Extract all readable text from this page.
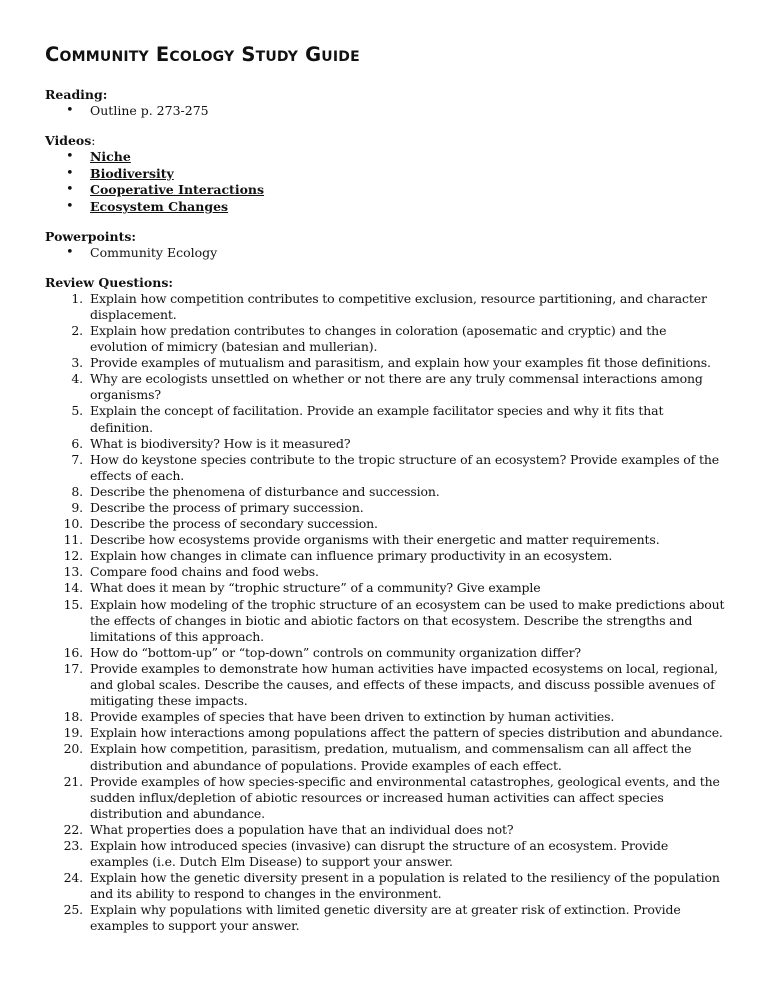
Community Ecology Study Guide

Reading:

• Outline p. 273-275

Videos:

• Niche
• Biodiversity
• Cooperative Interactions
• Ecosystem Changes

Powerpoints:

• Community Ecology

Review Questions:

1. Explain how competition contributes to competitive exclusion, resource partitioning, and character displacement.
2. Explain how predation contributes to changes in coloration (aposematic and cryptic) and the evolution of mimicry (batesian and mullerian).
3. Provide examples of mutualism and parasitism, and explain how your examples fit those definitions.
4. Why are ecologists unsettled on whether or not there are any truly commensal interactions among organisms?
5. Explain the concept of facilitation. Provide an example facilitator species and why it fits that definition.
6. What is biodiversity? How is it measured?
7. How do keystone species contribute to the tropic structure of an ecosystem? Provide examples of the effects of each.
8. Describe the phenomena of disturbance and succession.
9. Describe the process of primary succession.
10. Describe the process of secondary succession.
11. Describe how ecosystems provide organisms with their energetic and matter requirements.
12. Explain how changes in climate can influence primary productivity in an ecosystem.
13. Compare food chains and food webs.
14. What does it mean by “trophic structure” of a community? Give example
15. Explain how modeling of the trophic structure of an ecosystem can be used to make predictions about the effects of changes in biotic and abiotic factors on that ecosystem. Describe the strengths and limitations of this approach.
16. How do “bottom-up” or “top-down” controls on community organization differ?
17. Provide examples to demonstrate how human activities have impacted ecosystems on local, regional, and global scales. Describe the causes, and effects of these impacts, and discuss possible avenues of mitigating these impacts.
18. Provide examples of species that have been driven to extinction by human activities.
19. Explain how interactions among populations affect the pattern of species distribution and abundance.
20. Explain how competition, parasitism, predation, mutualism, and commensalism can all affect the distribution and abundance of populations. Provide examples of each effect.
21. Provide examples of how species-specific and environmental catastrophes, geological events, and the sudden influx/depletion of abiotic resources or increased human activities can affect species distribution and abundance.
22. What properties does a population have that an individual does not?
23. Explain how introduced species (invasive) can disrupt the structure of an ecosystem. Provide examples (i.e. Dutch Elm Disease) to support your answer.
24. Explain how the genetic diversity present in a population is related to the resiliency of the population and its ability to respond to changes in the environment.
25. Explain why populations with limited genetic diversity are at greater risk of extinction. Provide examples to support your answer.
